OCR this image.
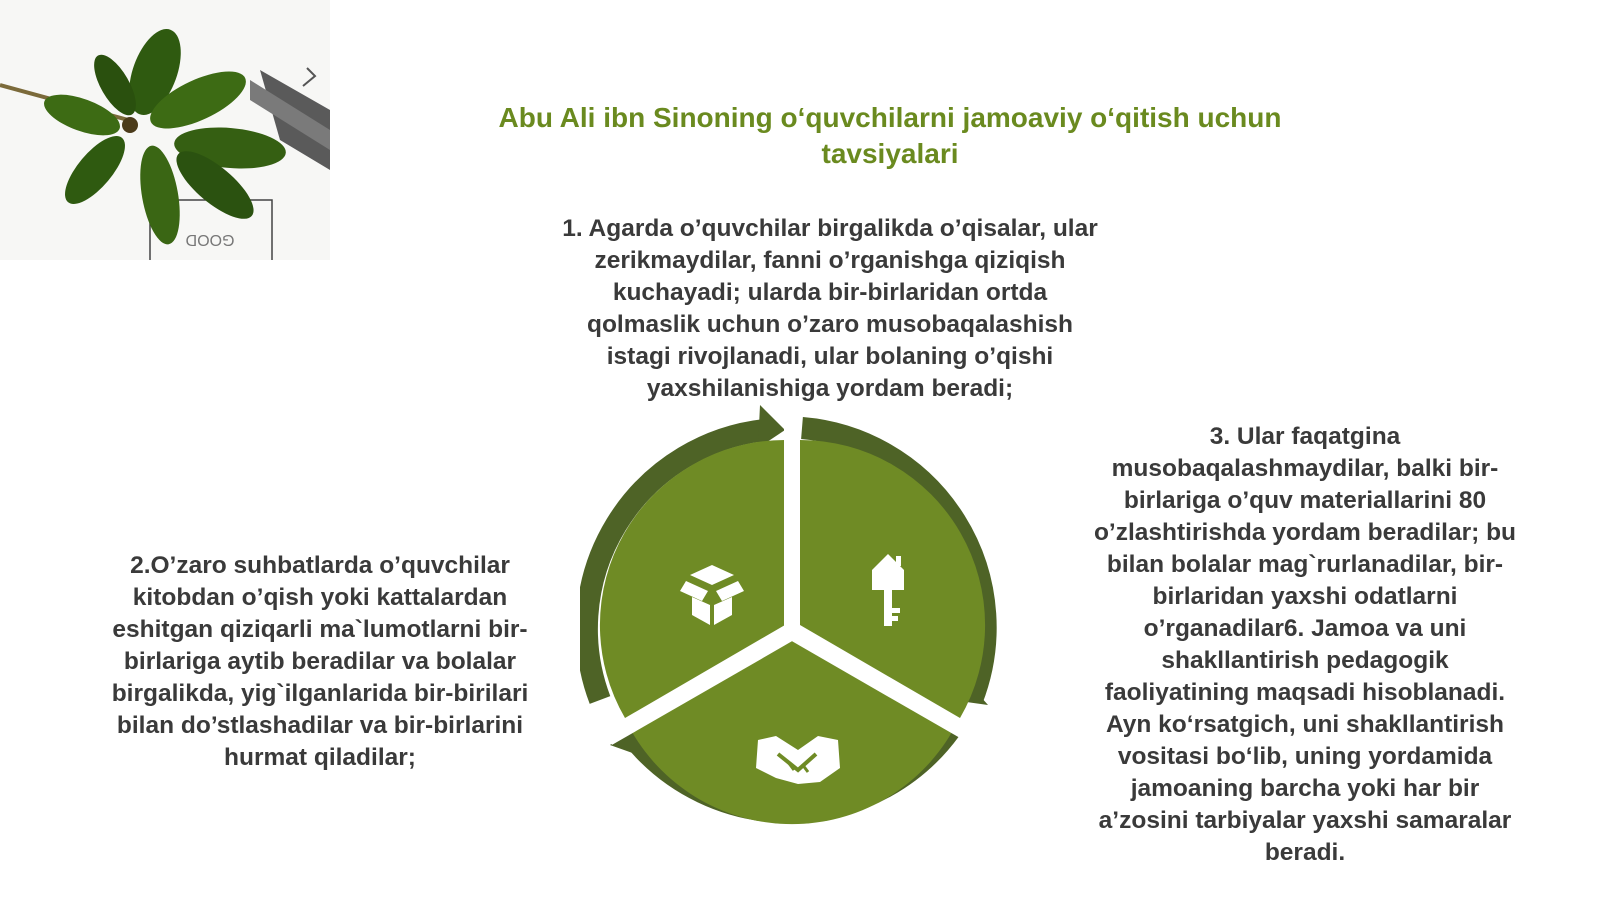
GOOD
Abu Ali ibn Sinoning o‘quvchilarni jamoaviy o‘qitish uchun tavsiyalari
1. Agarda o’quvchilar birgalikda o’qisalar, ular zerikmaydilar, fanni o’rganishga qiziqish kuchayadi; ularda bir-birlaridan ortda qolmaslik uchun o’zaro musobaqalashish istagi rivojlanadi, ular bolaning o’qishi yaxshilanishiga yordam beradi;
2.O’zaro suhbatlarda o’quvchilar kitobdan o’qish yoki kattalardan eshitgan qiziqarli ma`lumotlarni bir-birlariga aytib beradilar va bolalar birgalikda, yig`ilganlarida bir-birilari bilan do’stlashadilar va bir-birlarini hurmat qiladilar;
3. Ular faqatgina musobaqalashmaydilar, balki bir-birlariga o’quv materiallarini 80 o’zlashtirishda yordam beradilar; bu bilan bolalar mag`rurlanadilar, bir-birlaridan yaxshi odatlarni o’rganadilar6. Jamoa va uni shakllantirish pedagogik faoliyatining maqsadi hisoblanadi. Ayn ko‘rsatgich, uni shakllantirish vositasi bo‘lib, uning yordamida jamoaning barcha yoki har bir a’zosini tarbiyalar yaxshi samaralar beradi.
